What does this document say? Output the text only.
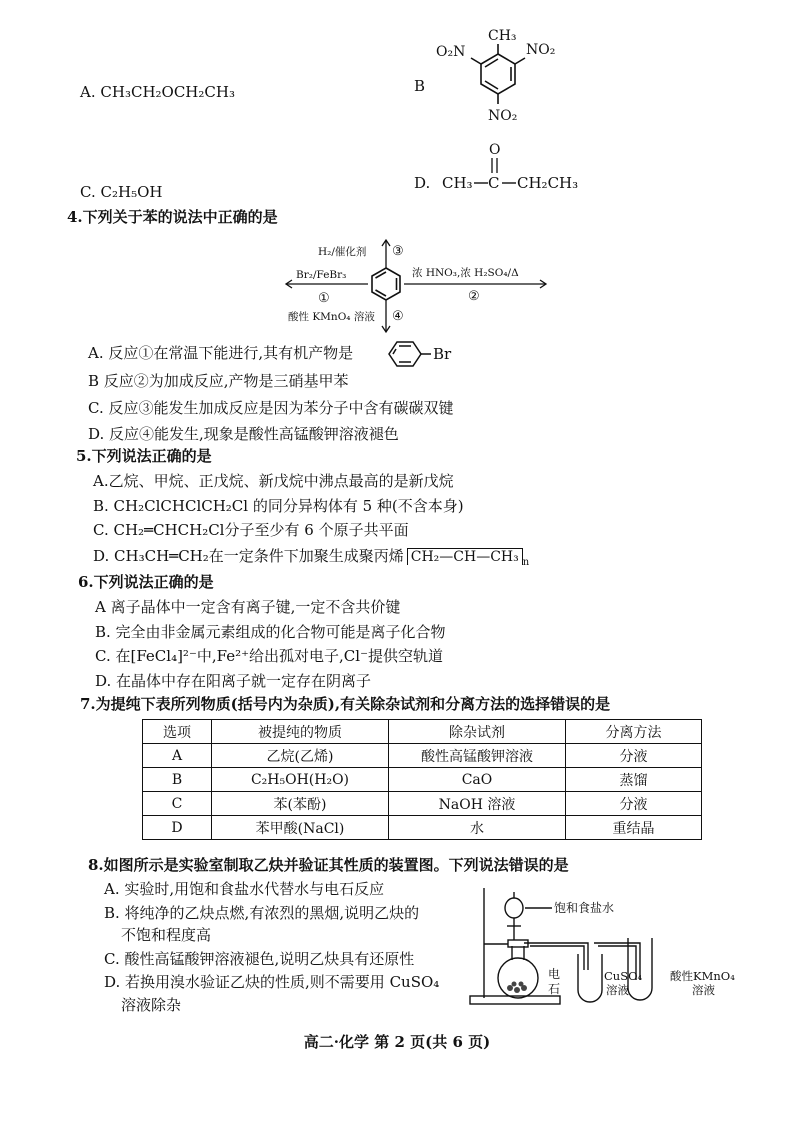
A. CH₃CH₂OCH₂CH₃	B
CH₃
NO₂
O₂N
NO₂
C. C₂H₅OH	D. CH₃ C CH₂CH₃
O
4.下列关于苯的说法中正确的是
H₂/催化剂 ③
Br₂/FeBr₃
①
浓 HNO₃,浓 H₂SO₄/Δ
②
酸性 KMnO₄ 溶液 ④
A. 反应①在常温下能进行,其有机产物是	Br
B 反应②为加成反应,产物是三硝基甲苯
C. 反应③能发生加成反应是因为苯分子中含有碳碳双键
D. 反应④能发生,现象是酸性高锰酸钾溶液褪色
5.下列说法正确的是
A.乙烷、甲烷、正戊烷、新戊烷中沸点最高的是新戊烷
B. CH₂ClCHClCH₂Cl 的同分异构体有 5 种(不含本身)
C. CH₂═CHCH₂Cl分子至少有 6 个原子共平面
D. CH₃CH═CH₂在一定条件下加聚生成聚丙烯 CH₂—CH—CH₃ $_n$
6.下列说法正确的是
A 离子晶体中一定含有离子键,一定不含共价键
B. 完全由非金属元素组成的化合物可能是离子化合物
C. 在[FeCl₄]²⁻中,Fe²⁺给出孤对电子,Cl⁻提供空轨道
D. 在晶体中存在阳离子就一定存在阴离子
7.为提纯下表所列物质(括号内为杂质),有关除杂试剂和分离方法的选择错误的是
选项	被提纯的物质	除杂试剂	分离方法
A	乙烷(乙烯)	酸性高锰酸钾溶液	分液
B	C₂H₅OH(H₂O)	CaO	蒸馏
C	苯(苯酚)	NaOH 溶液	分液
D	苯甲酸(NaCl)	水	重结晶
8.如图所示是实验室制取乙炔并验证其性质的装置图。下列说法错误的是
A. 实验时,用饱和食盐水代替水与电石反应
B. 将纯净的乙炔点燃,有浓烈的黑烟,说明乙炔的
不饱和程度高
C. 酸性高锰酸钾溶液褪色,说明乙炔具有还原性
D. 若换用溴水验证乙炔的性质,则不需要用 CuSO₄
溶液除杂
饱和食盐水
电
石
CuSO₄
溶液
酸性KMnO₄
溶液
高二·化学 第 2 页(共 6 页)
